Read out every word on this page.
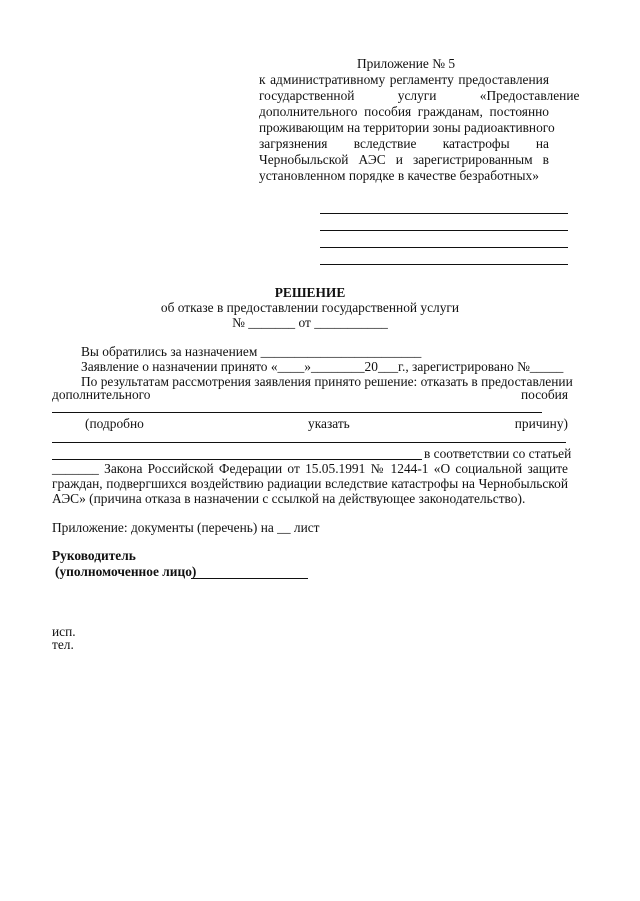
Приложение № 5
к административному регламенту предоставления
государственной услуги «Предоставление
дополнительного пособия гражданам, постоянно
проживающим на территории зоны радиоактивного
загрязнения вследствие катастрофы на
Чернобыльской АЭС и зарегистрированным в
установленном порядке в качестве безработных»
РЕШЕНИЕ
об отказе в предоставлении государственной услуги
№ _______ от ___________
Вы обратились за назначением ________________________
Заявление о назначении принято «____»________20___г., зарегистрировано №_____
По результатам рассмотрения заявления принято решение: отказать в предоставлении
дополнительного	пособия
(подробно	указать	причину)
в соответствии со статьей
_______ Закона Российской Федерации от 15.05.1991 № 1244-1 «О социальной защите
граждан, подвергшихся воздействию радиации вследствие катастрофы на Чернобыльской
АЭС» (причина отказа в назначении с ссылкой на действующее законодательство).
Приложение: документы (перечень) на __ лист
Руководитель
(уполномоченное лицо)
исп.
тел.
